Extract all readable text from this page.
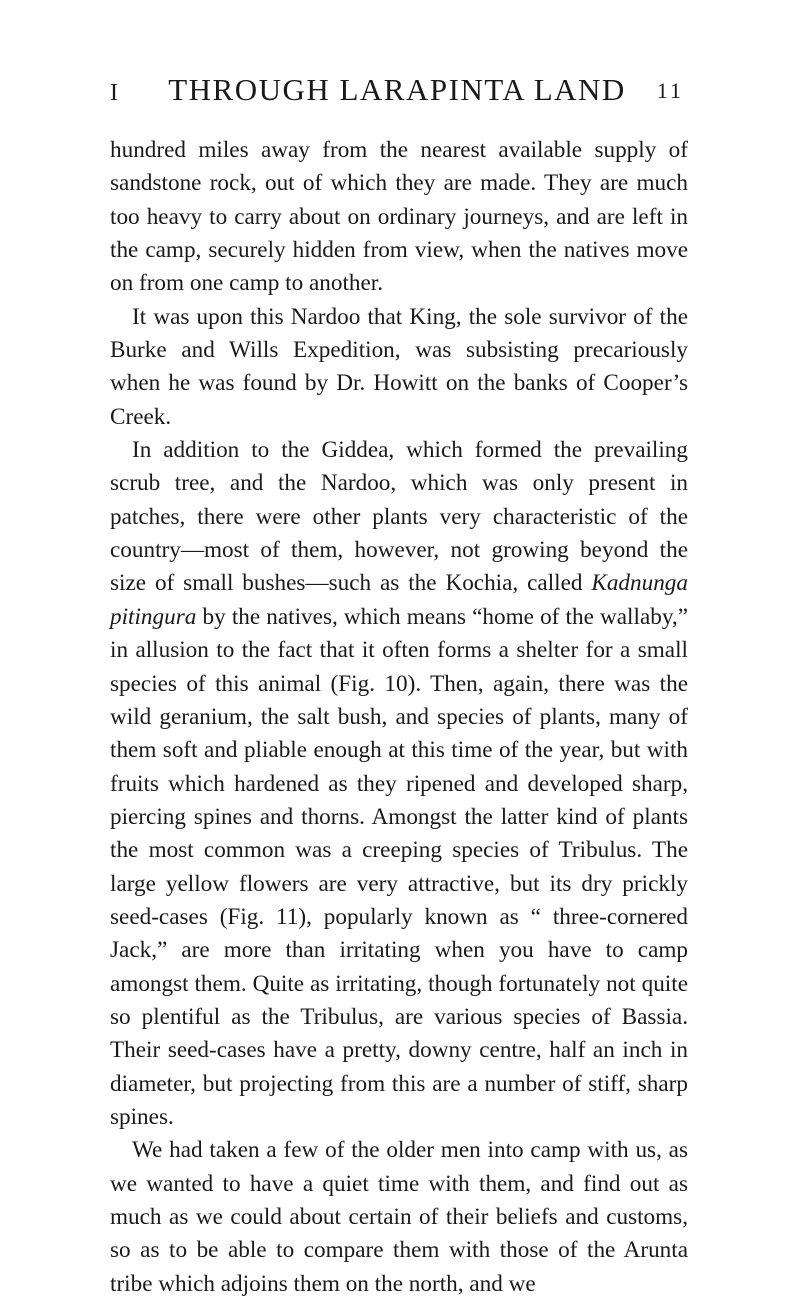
I	THROUGH LARAPINTA LAND	11

hundred miles away from the nearest available supply of sandstone rock, out of which they are made. They are much too heavy to carry about on ordinary journeys, and are left in the camp, securely hidden from view, when the natives move on from one camp to another.

It was upon this Nardoo that King, the sole survivor of the Burke and Wills Expedition, was subsisting precariously when he was found by Dr. Howitt on the banks of Cooper’s Creek.

In addition to the Giddea, which formed the prevailing scrub tree, and the Nardoo, which was only present in patches, there were other plants very characteristic of the country—most of them, however, not growing beyond the size of small bushes—such as the Kochia, called Kadnunga pitingura by the natives, which means “home of the wallaby,” in allusion to the fact that it often forms a shelter for a small species of this animal (Fig. 10). Then, again, there was the wild geranium, the salt bush, and species of plants, many of them soft and pliable enough at this time of the year, but with fruits which hardened as they ripened and developed sharp, piercing spines and thorns. Amongst the latter kind of plants the most common was a creeping species of Tribulus. The large yellow flowers are very attractive, but its dry prickly seed-cases (Fig. 11), popularly known as “ three-cornered Jack,” are more than irritating when you have to camp amongst them. Quite as irritating, though fortunately not quite so plentiful as the Tribulus, are various species of Bassia. Their seed-cases have a pretty, downy centre, half an inch in diameter, but projecting from this are a number of stiff, sharp spines.

We had taken a few of the older men into camp with us, as we wanted to have a quiet time with them, and find out as much as we could about certain of their beliefs and customs, so as to be able to compare them with those of the Arunta tribe which adjoins them on the north, and we
